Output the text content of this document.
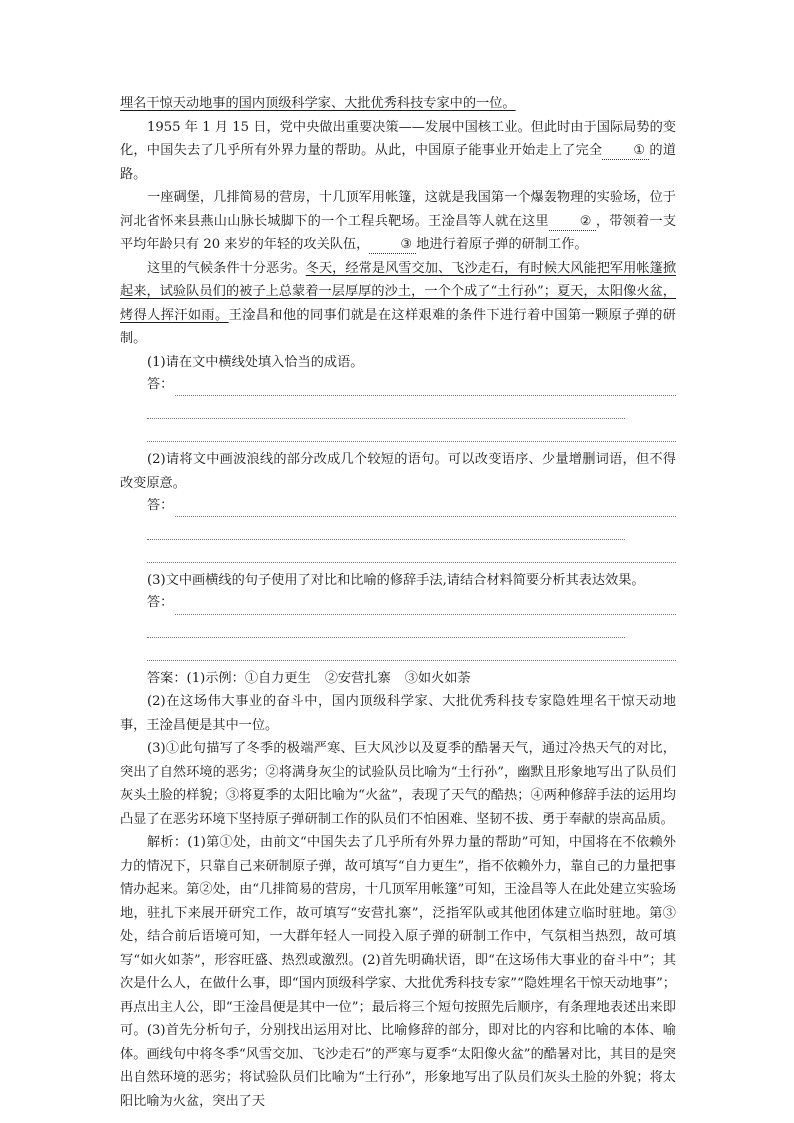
埋名干惊天动地事的国内顶级科学家、大批优秀科技专家中的一位。

1955 年 1 月 15 日，党中央做出重要决策——发展中国核工业。但此时由于国际局势的变化，中国失去了几乎所有外界力量的帮助。从此，中国原子能事业开始走上了完全 ① 的道路。

一座碉堡，几排简易的营房，十几顶军用帐篷，这就是我国第一个爆轰物理的实验场，位于河北省怀来县燕山山脉长城脚下的一个工程兵靶场。王淦昌等人就在这里 ② ，带领着一支平均年龄只有 20 来岁的年轻的攻关队伍， ③ 地进行着原子弹的研制工作。

这里的气候条件十分恶劣。冬天，经常是风雪交加、飞沙走石，有时候大风能把军用帐篷掀起来，试验队员们的被子上总蒙着一层厚厚的沙土，一个个成了“土行孙”；夏天，太阳像火盆，烤得人挥汗如雨。王淦昌和他的同事们就是在这样艰难的条件下进行着中国第一颗原子弹的研制。

(1)请在文中横线处填入恰当的成语。

答：

(2)请将文中画波浪线的部分改成几个较短的语句。可以改变语序、少量增删词语，但不得改变原意。

答：

(3)文中画横线的句子使用了对比和比喻的修辞手法,请结合材料简要分析其表达效果。

答：

答案：(1)示例：①自力更生 ②安营扎寨 ③如火如荼

(2)在这场伟大事业的奋斗中，国内顶级科学家、大批优秀科技专家隐姓埋名干惊天动地事，王淦昌便是其中一位。

(3)①此句描写了冬季的极端严寒、巨大风沙以及夏季的酷暑天气，通过冷热天气的对比，突出了自然环境的恶劣；②将满身灰尘的试验队员比喻为“土行孙”，幽默且形象地写出了队员们灰头土脸的样貌；③将夏季的太阳比喻为“火盆”，表现了天气的酷热；④两种修辞手法的运用均凸显了在恶劣环境下坚持原子弹研制工作的队员们不怕困难、坚韧不拔、勇于奉献的崇高品质。

解析：(1)第①处，由前文“中国失去了几乎所有外界力量的帮助”可知，中国将在不依赖外力的情况下，只靠自己来研制原子弹，故可填写“自力更生”，指不依赖外力，靠自己的力量把事情办起来。第②处，由“几排简易的营房，十几顶军用帐篷”可知，王淦昌等人在此处建立实验场地，驻扎下来展开研究工作，故可填写“安营扎寨”，泛指军队或其他团体建立临时驻地。第③处，结合前后语境可知，一大群年轻人一同投入原子弹的研制工作中，气氛相当热烈，故可填写“如火如荼”，形容旺盛、热烈或激烈。(2)首先明确状语，即“在这场伟大事业的奋斗中”；其次是什么人，在做什么事，即“国内顶级科学家、大批优秀科技专家”“隐姓埋名干惊天动地事”；再点出主人公，即“王淦昌便是其中一位”；最后将三个短句按照先后顺序，有条理地表述出来即可。(3)首先分析句子，分别找出运用对比、比喻修辞的部分，即对比的内容和比喻的本体、喻体。画线句中将冬季“风雪交加、飞沙走石”的严寒与夏季“太阳像火盆”的酷暑对比，其目的是突出自然环境的恶劣；将试验队员们比喻为“土行孙”，形象地写出了队员们灰头土脸的外貌；将太阳比喻为火盆，突出了天
